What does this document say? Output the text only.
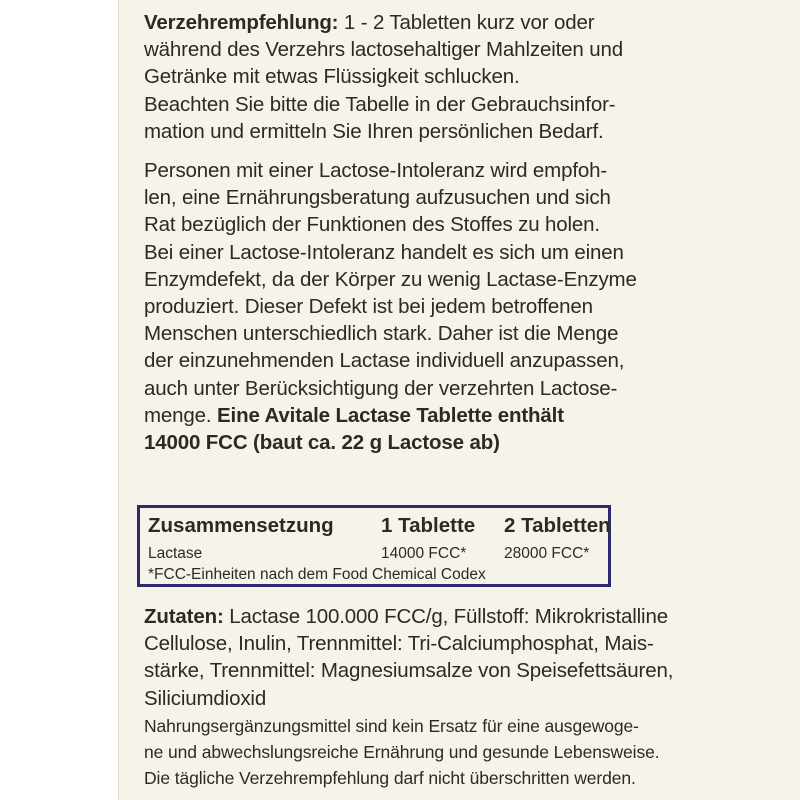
Verzehrempfehlung: 1 - 2 Tabletten kurz vor oder

während des Verzehrs lactosehaltiger Mahlzeiten und

Getränke mit etwas Flüssigkeit schlucken.

Beachten Sie bitte die Tabelle in der Gebrauchsinfor-

mation und ermitteln Sie Ihren persönlichen Bedarf.

Personen mit einer Lactose-Intoleranz wird empfoh-

len, eine Ernährungsberatung aufzusuchen und sich

Rat bezüglich der Funktionen des Stoffes zu holen.

Bei einer Lactose-Intoleranz handelt es sich um einen

Enzymdefekt, da der Körper zu wenig Lactase-Enzyme

produziert. Dieser Defekt ist bei jedem betroffenen

Menschen unterschiedlich stark. Daher ist die Menge

der einzunehmenden Lactase individuell anzupassen,

auch unter Berücksichtigung der verzehrten Lactose-

menge. Eine Avitale Lactase Tablette enthält

14000 FCC (baut ca. 22 g Lactose ab)

Zusammensetzung 1 Tablette 2 Tabletten
Lactase	14000 FCC* 28000 FCC*
*FCC-Einheiten nach dem Food Chemical Codex

Zutaten: Lactase 100.000 FCC/g, Füllstoff: Mikrokristalline

Cellulose, Inulin, Trennmittel: Tri-Calciumphosphat, Mais-

stärke, Trennmittel: Magnesiumsalze von Speisefettsäuren,

Siliciumdioxid

Nahrungsergänzungsmittel sind kein Ersatz für eine ausgewoge-

ne und abwechslungsreiche Ernährung und gesunde Lebensweise.

Die tägliche Verzehrempfehlung darf nicht überschritten werden.
